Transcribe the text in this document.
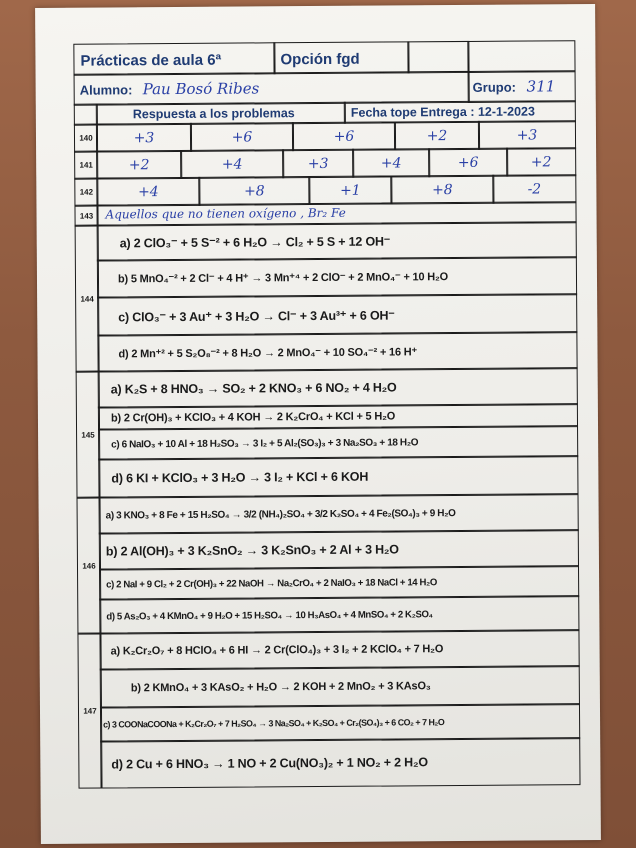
Prácticas de aula 6ª	Opción fgd
Alumno: Pau Bosó Ribes	Grupo: 311
Respuesta a los problemas	Fecha tope Entrega : 12-1-2023
140	+3	+6	+6	+2	+3
141	+2	+4	+3	+4	+6	+2
142	+4	+8	+1	+8	-2
143	Aquellos que no tienen oxígeno , Br₂ Fe
144
a) 2 ClO₃⁻ + 5 S⁻² + 6 H₂O → Cl₂ + 5 S + 12 OH⁻
b) 5 MnO₄⁻² + 2 Cl⁻ + 4 H⁺ → 3 Mn⁺⁴ + 2 ClO⁻ + 2 MnO₄⁻ + 10 H₂O
c) ClO₃⁻ + 3 Au⁺ + 3 H₂O → Cl⁻ + 3 Au³⁺ + 6 OH⁻
d) 2 Mn⁺² + 5 S₂O₈⁻² + 8 H₂O → 2 MnO₄⁻ + 10 SO₄⁻² + 16 H⁺
145
a) K₂S + 8 HNO₃ → SO₂ + 2 KNO₃ + 6 NO₂ + 4 H₂O
b) 2 Cr(OH)₃ + KClO₃ + 4 KOH → 2 K₂CrO₄ + KCl + 5 H₂O
c) 6 NaIO₃ + 10 Al + 18 H₂SO₃ → 3 I₂ + 5 Al₂(SO₃)₃ + 3 Na₂SO₃ + 18 H₂O
d) 6 KI + KClO₃ + 3 H₂O → 3 I₂ + KCl + 6 KOH
146
a) 3 KNO₃ + 8 Fe + 15 H₂SO₄ → 3/2 (NH₄)₂SO₄ + 3/2 K₂SO₄ + 4 Fe₂(SO₄)₃ + 9 H₂O
b) 2 Al(OH)₃ + 3 K₂SnO₂ → 3 K₂SnO₃ + 2 Al + 3 H₂O
c) 2 NaI + 9 Cl₂ + 2 Cr(OH)₃ + 22 NaOH → Na₂CrO₄ + 2 NaIO₃ + 18 NaCl + 14 H₂O
d) 5 As₂O₃ + 4 KMnO₄ + 9 H₂O + 15 H₂SO₄ → 10 H₃AsO₄ + 4 MnSO₄ + 2 K₂SO₄
147
a) K₂Cr₂O₇ + 8 HClO₄ + 6 HI → 2 Cr(ClO₄)₃ + 3 I₂ + 2 KClO₄ + 7 H₂O
b) 2 KMnO₄ + 3 KAsO₂ + H₂O → 2 KOH + 2 MnO₂ + 3 KAsO₃
c) 3 COONaCOONa + K₂Cr₂O₇ + 7 H₂SO₄ → 3 Na₂SO₄ + K₂SO₄ + Cr₂(SO₄)₃ + 6 CO₂ + 7 H₂O
d) 2 Cu + 6 HNO₃ → 1 NO + 2 Cu(NO₃)₂ + 1 NO₂ + 2 H₂O
